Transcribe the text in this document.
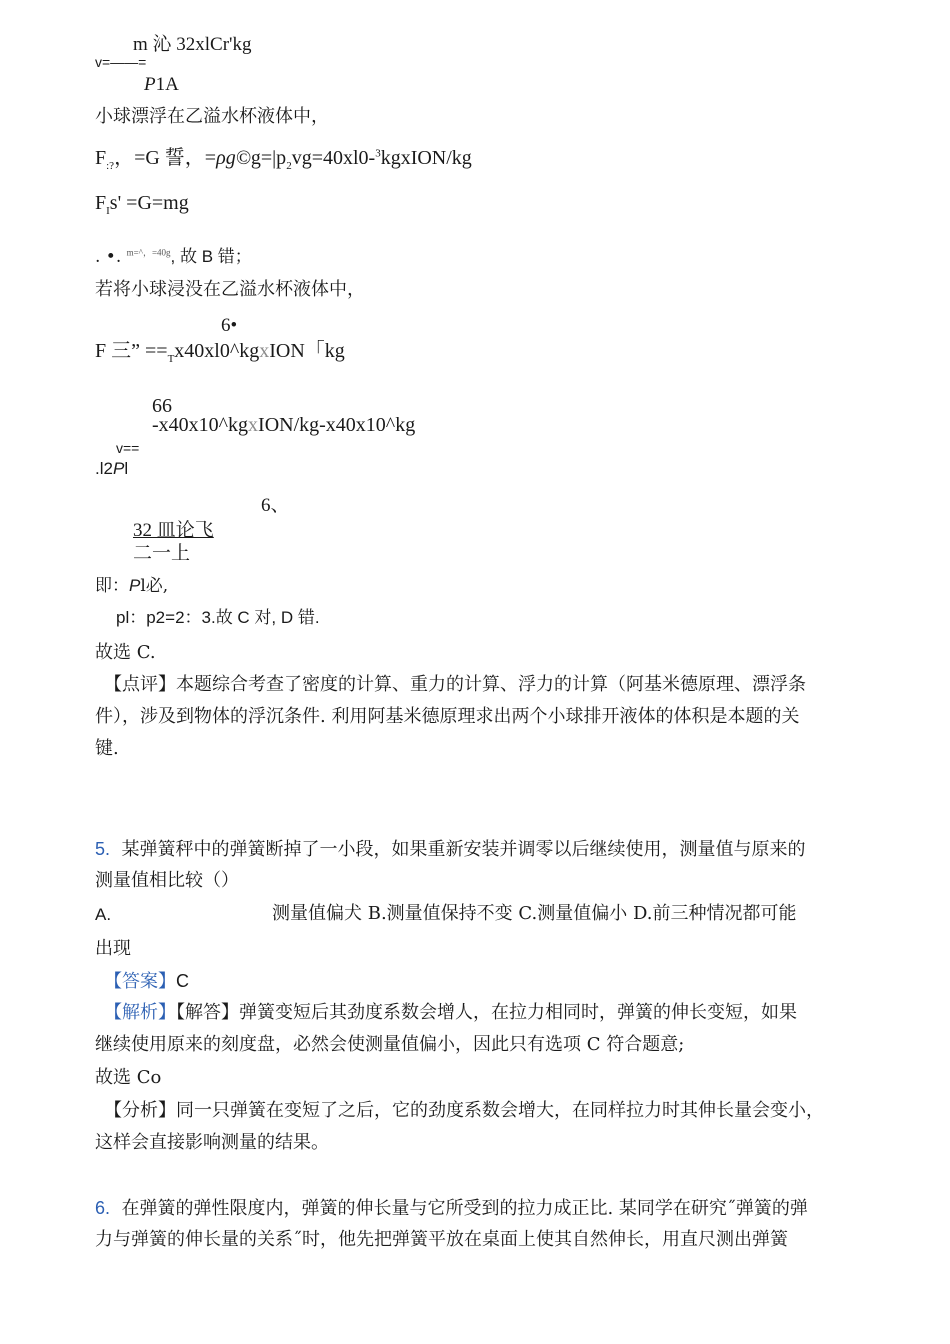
m 沁 32xlCr'kg
v=——=
P1A
小球漂浮在乙溢水杯液体中，
$F_{:?}$，=G 誓，$=\rho g©g=|p_2vg=40xl0-^3kgxION/kg$
$F_Is' =G=mg$
. •. $^{m=\^{},=40g}$, 故 B 错；
若将小球浸没在乙溢水杯液体中，
6•
F 三” $==_Tx40xl0\^{}kgxION$「kg
66
-x40x10^kgxION/kg-x40x10^kg
v==
.l2Pl
6、
32 皿论飞
二一上
即：Pl必,
pl：p2=2：3.故 C 对, D 错.
故选 C.
【点评】本题综合考查了密度的计算、重力的计算、浮力的计算（阿基米德原理、漂浮条
件），涉及到物体的浮沉条件. 利用阿基米德原理求出两个小球排开液体的体积是本题的关
键.
5. 某弹簧秤中的弹簧断掉了一小段，如果重新安装并调零以后继续使用，测量值与原来的
测量值相比较（）
A.	测量值偏犬 B.测量值保持不变 C.测量值偏小 D.前三种情况都可能
出现
【答案】C
【解析】【解答】弹簧变短后其劲度系数会增人，在拉力相同时，弹簧的伸长变短，如果
继续使用原来的刻度盘，必然会使测量值偏小，因此只有选项 C 符合题意;
故选 Co
【分析】同一只弹簧在变短了之后，它的劲度系数会增大，在同样拉力时其伸长量会变小，
这样会直接影响测量的结果。
6. 在弹簧的弹性限度内，弹簧的伸长量与它所受到的拉力成正比. 某同学在研究˝弹簧的弹
力与弹簧的伸长量的关系˝时，他先把弹簧平放在桌面上使其自然伸长，用直尺测出弹簧
